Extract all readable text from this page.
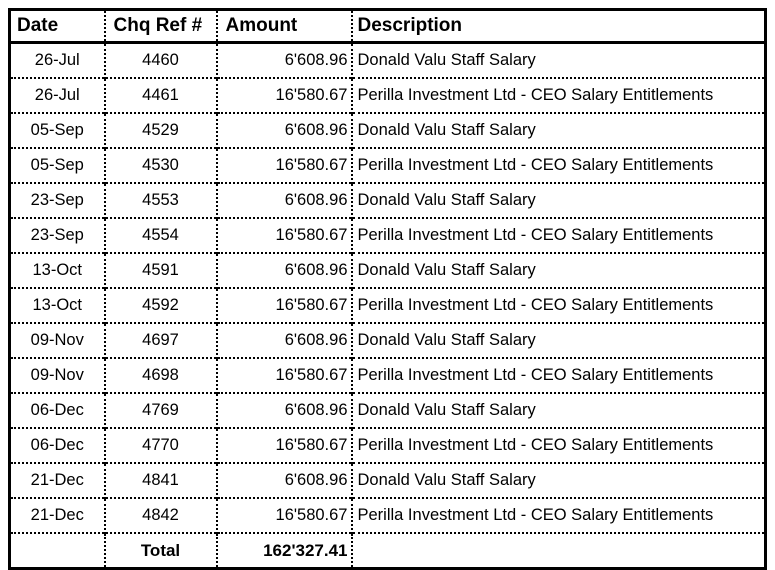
Date	Chq Ref #	Amount	Description
26-Jul	4460	6'608.96	Donald Valu Staff Salary
26-Jul	4461	16'580.67	Perilla Investment Ltd - CEO Salary Entitlements
05-Sep	4529	6'608.96	Donald Valu Staff Salary
05-Sep	4530	16'580.67	Perilla Investment Ltd - CEO Salary Entitlements
23-Sep	4553	6'608.96	Donald Valu Staff Salary
23-Sep	4554	16'580.67	Perilla Investment Ltd - CEO Salary Entitlements
13-Oct	4591	6'608.96	Donald Valu Staff Salary
13-Oct	4592	16'580.67	Perilla Investment Ltd - CEO Salary Entitlements
09-Nov	4697	6'608.96	Donald Valu Staff Salary
09-Nov	4698	16'580.67	Perilla Investment Ltd - CEO Salary Entitlements
06-Dec	4769	6'608.96	Donald Valu Staff Salary
06-Dec	4770	16'580.67	Perilla Investment Ltd - CEO Salary Entitlements
21-Dec	4841	6'608.96	Donald Valu Staff Salary
21-Dec	4842	16'580.67	Perilla Investment Ltd - CEO Salary Entitlements
	Total	162'327.41	
